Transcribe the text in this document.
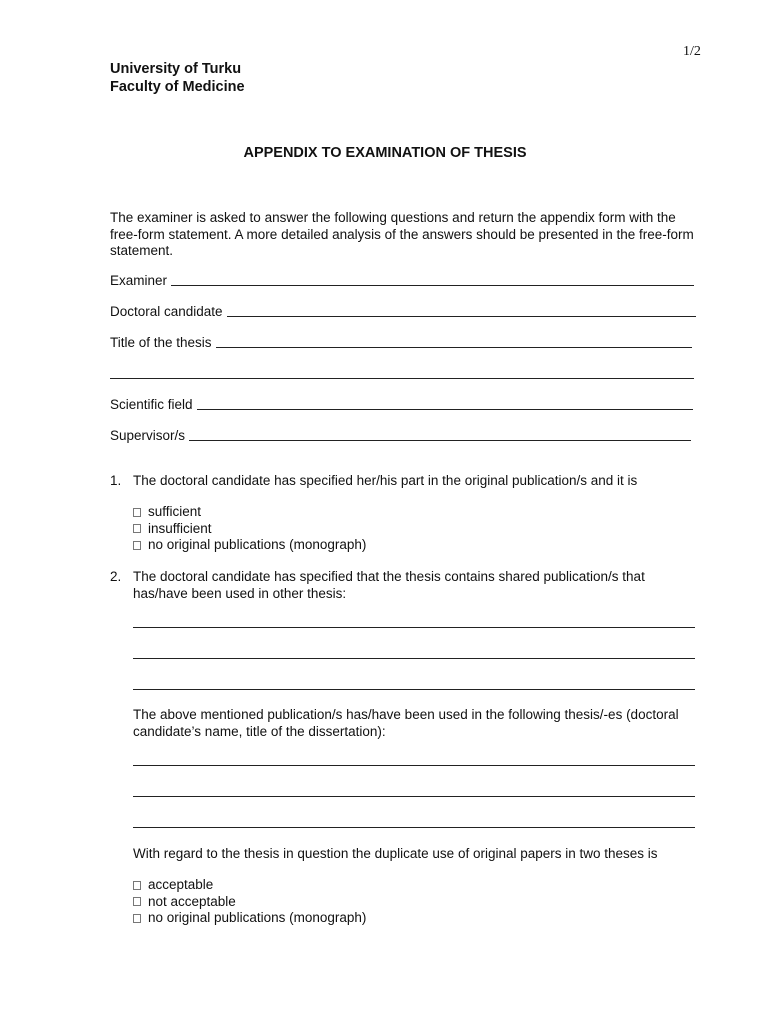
1/2
University of Turku
Faculty of Medicine
APPENDIX TO EXAMINATION OF THESIS
The examiner is asked to answer the following questions and return the appendix form with the free-form statement. A more detailed analysis of the answers should be presented in the free-form statement.
Examiner
Doctoral candidate
Title of the thesis
Scientific field
Supervisor/s
1. The doctoral candidate has specified her/his part in the original publication/s and it is
sufficient
insufficient
no original publications (monograph)
2. The doctoral candidate has specified that the thesis contains shared publication/s that has/have been used in other thesis:
The above mentioned publication/s has/have been used in the following thesis/-es (doctoral candidate’s name, title of the dissertation):
With regard to the thesis in question the duplicate use of original papers in two theses is
acceptable
not acceptable
no original publications (monograph)
